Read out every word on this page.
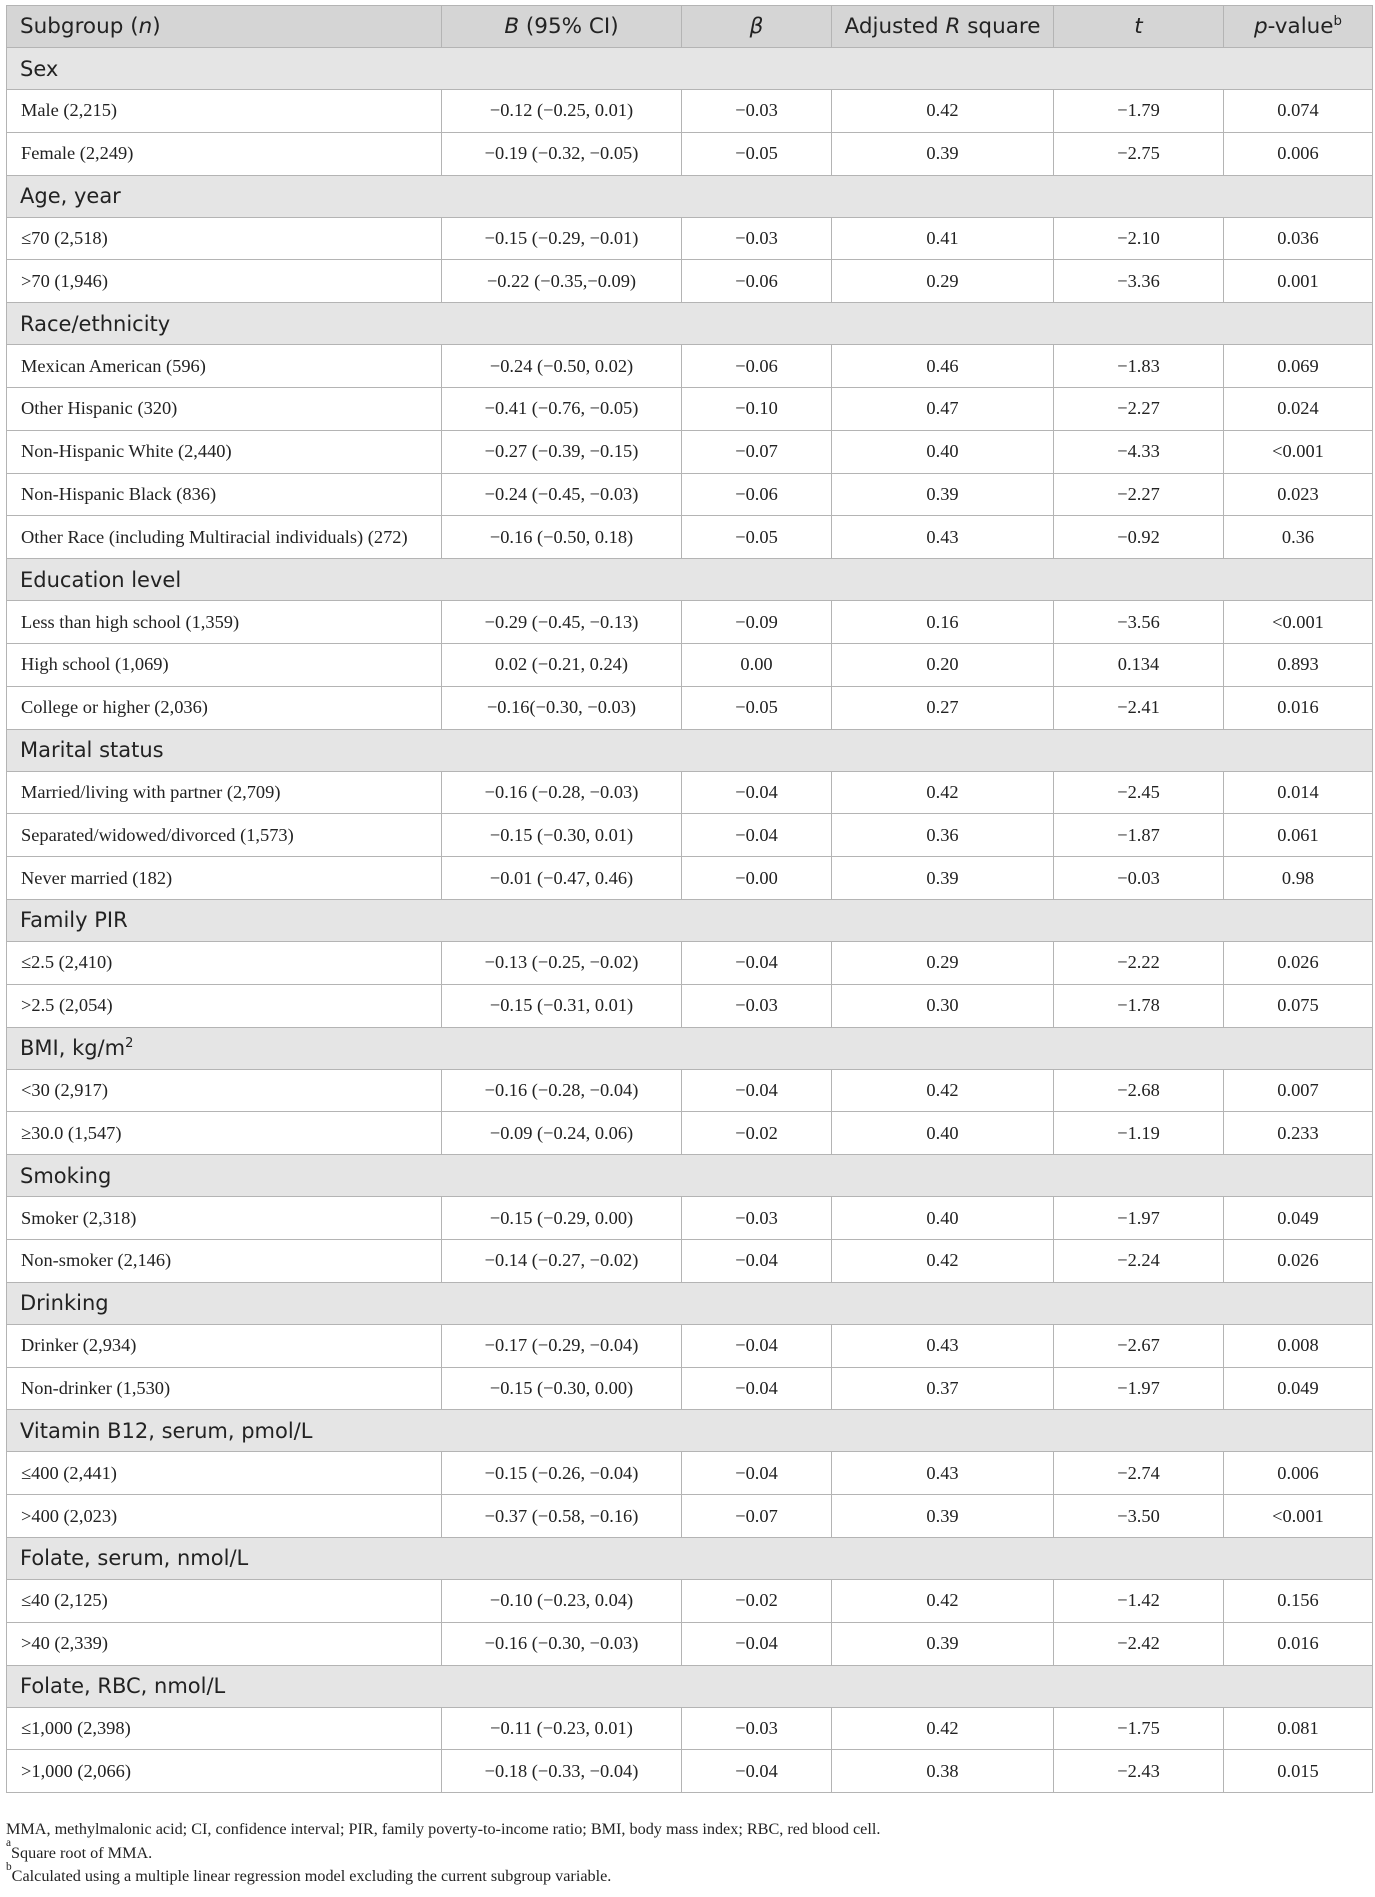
Subgroup (n)	B (95% CI)	β	Adjusted R square	t	p-value$^b$
Sex					
Male (2,215)	−0.12 (−0.25, 0.01)	−0.03	0.42	−1.79	0.074
Female (2,249)	−0.19 (−0.32, −0.05)	−0.05	0.39	−2.75	0.006
Age, year					
≤70 (2,518)	−0.15 (−0.29, −0.01)	−0.03	0.41	−2.10	0.036
>70 (1,946)	−0.22 (−0.35,−0.09)	−0.06	0.29	−3.36	0.001
Race/ethnicity					
Mexican American (596)	−0.24 (−0.50, 0.02)	−0.06	0.46	−1.83	0.069
Other Hispanic (320)	−0.41 (−0.76, −0.05)	−0.10	0.47	−2.27	0.024
Non-Hispanic White (2,440)	−0.27 (−0.39, −0.15)	−0.07	0.40	−4.33	<0.001
Non-Hispanic Black (836)	−0.24 (−0.45, −0.03)	−0.06	0.39	−2.27	0.023
Other Race (including Multiracial individuals) (272)	−0.16 (−0.50, 0.18)	−0.05	0.43	−0.92	0.36
Education level					
Less than high school (1,359)	−0.29 (−0.45, −0.13)	−0.09	0.16	−3.56	<0.001
High school (1,069)	0.02 (−0.21, 0.24)	0.00	0.20	0.134	0.893
College or higher (2,036)	−0.16(−0.30, −0.03)	−0.05	0.27	−2.41	0.016
Marital status					
Married/living with partner (2,709)	−0.16 (−0.28, −0.03)	−0.04	0.42	−2.45	0.014
Separated/widowed/divorced (1,573)	−0.15 (−0.30, 0.01)	−0.04	0.36	−1.87	0.061
Never married (182)	−0.01 (−0.47, 0.46)	−0.00	0.39	−0.03	0.98
Family PIR					
≤2.5 (2,410)	−0.13 (−0.25, −0.02)	−0.04	0.29	−2.22	0.026
>2.5 (2,054)	−0.15 (−0.31, 0.01)	−0.03	0.30	−1.78	0.075
BMI, $kg/m^2$
<30 (2,917)	−0.16 (−0.28, −0.04)	−0.04	0.42	−2.68	0.007
≥30.0 (1,547)	−0.09 (−0.24, 0.06)	−0.02	0.40	−1.19	0.233
Smoking					
Smoker (2,318)	−0.15 (−0.29, 0.00)	−0.03	0.40	−1.97	0.049
Non-smoker (2,146)	−0.14 (−0.27, −0.02)	−0.04	0.42	−2.24	0.026
Drinking					
Drinker (2,934)	−0.17 (−0.29, −0.04)	−0.04	0.43	−2.67	0.008
Non-drinker (1,530)	−0.15 (−0.30, 0.00)	−0.04	0.37	−1.97	0.049
Vitamin B12, serum, pmol/L					
≤400 (2,441)	−0.15 (−0.26, −0.04)	−0.04	0.43	−2.74	0.006
>400 (2,023)	−0.37 (−0.58, −0.16)	−0.07	0.39	−3.50	<0.001
Folate, serum, nmol/L					
≤40 (2,125)	−0.10 (−0.23, 0.04)	−0.02	0.42	−1.42	0.156
>40 (2,339)	−0.16 (−0.30, −0.03)	−0.04	0.39	−2.42	0.016
Folate, RBC, nmol/L					
≤1,000 (2,398)	−0.11 (−0.23, 0.01)	−0.03	0.42	−1.75	0.081
>1,000 (2,066)	−0.18 (−0.33, −0.04)	−0.04	0.38	−2.43	0.015
MMA, methylmalonic acid; CI, confidence interval; PIR, family poverty-to-income ratio; BMI, body mass index; RBC, red blood cell.
$^a$Square root of MMA.
$^b$Calculated using a multiple linear regression model excluding the current subgroup variable.
